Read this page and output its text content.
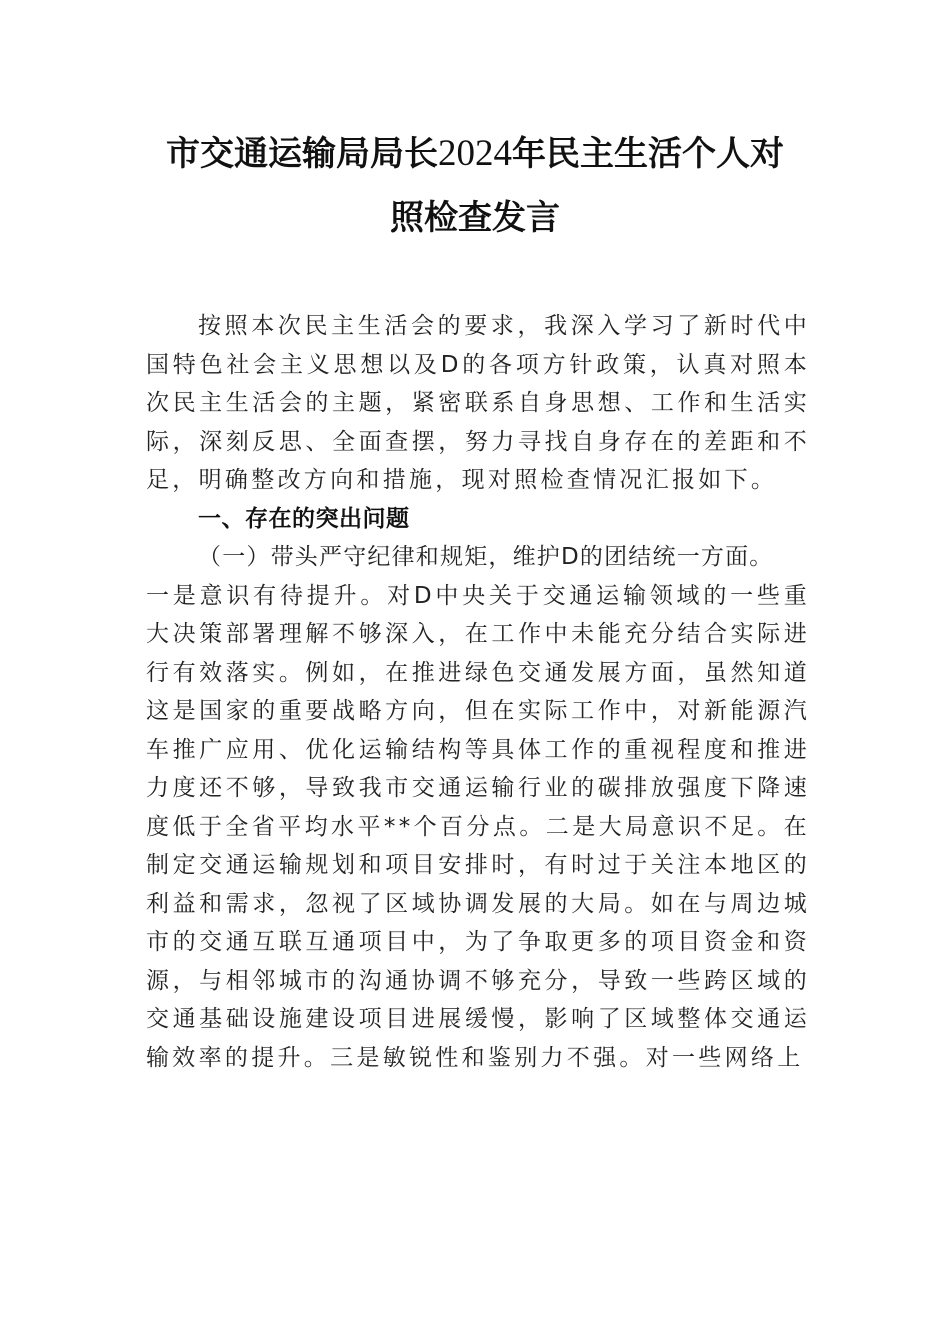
市交通运输局局长2024年民主生活个人对
照检查发言

按照本次民主生活会的要求，我深入学习了新时代中国特色社会主义思想以及D的各项方针政策，认真对照本次民主生活会的主题，紧密联系自身思想、工作和生活实际，深刻反思、全面查摆，努力寻找自身存在的差距和不足，明确整改方向和措施，现对照检查情况汇报如下。

一、存在的突出问题

（一）带头严守纪律和规矩，维护D的团结统一方面。

一是意识有待提升。对D中央关于交通运输领域的一些重大决策部署理解不够深入，在工作中未能充分结合实际进行有效落实。例如，在推进绿色交通发展方面，虽然知道这是国家的重要战略方向，但在实际工作中，对新能源汽车推广应用、优化运输结构等具体工作的重视程度和推进力度还不够，导致我市交通运输行业的碳排放强度下降速度低于全省平均水平**个百分点。二是大局意识不足。在制定交通运输规划和项目安排时，有时过于关注本地区的利益和需求，忽视了区域协调发展的大局。如在与周边城市的交通互联互通项目中，为了争取更多的项目资金和资源，与相邻城市的沟通协调不够充分，导致一些跨区域的交通基础设施建设项目进展缓慢，影响了区域整体交通运输效率的提升。三是敏锐性和鉴别力不强。对一些网络上
